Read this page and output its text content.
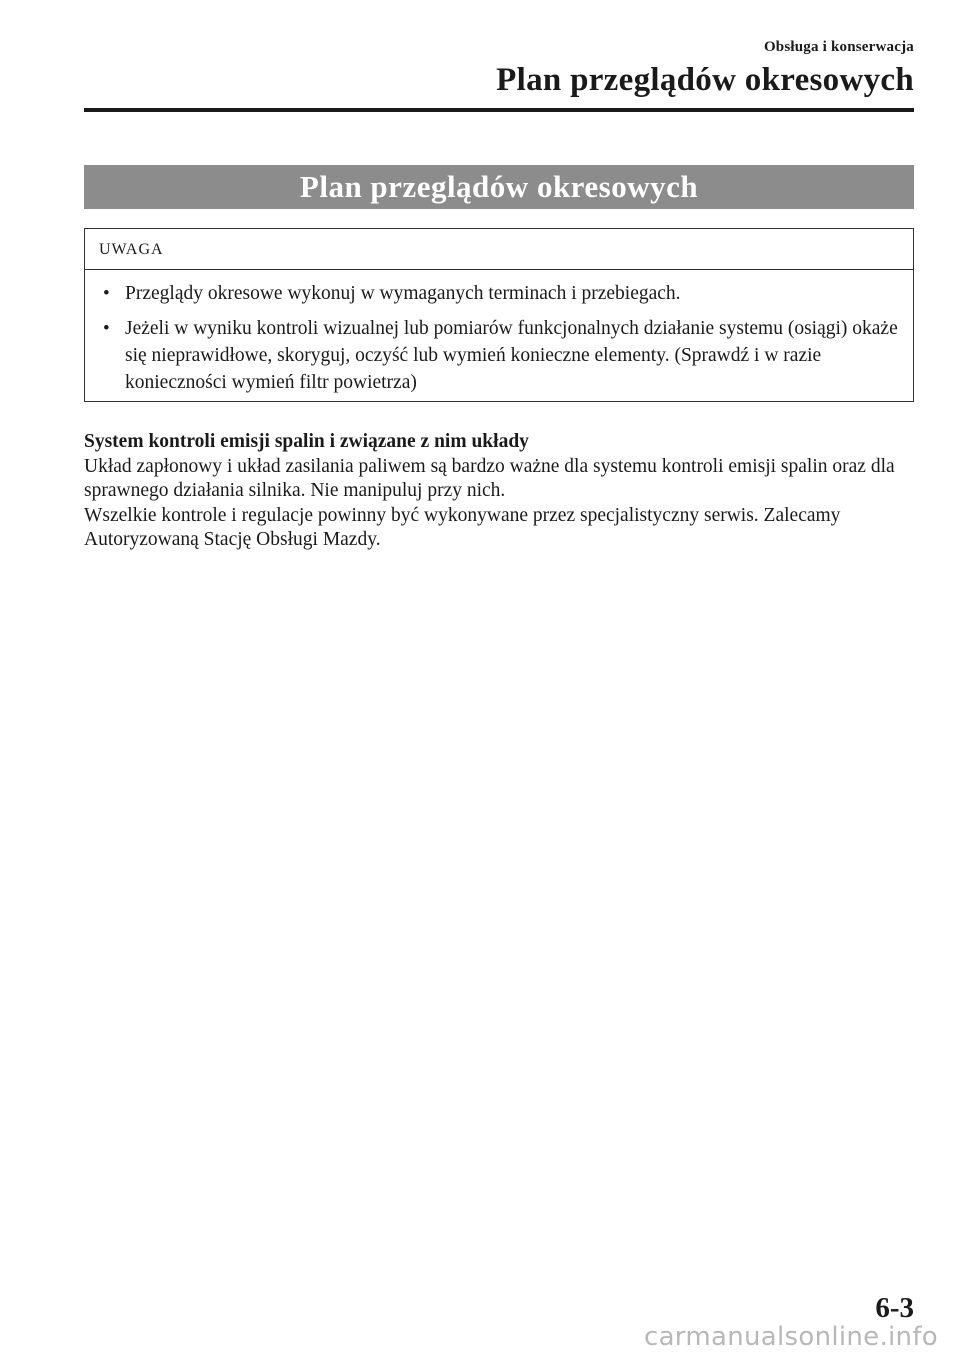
Obsługa i konserwacja
Plan przeglądów okresowych
Plan przeglądów okresowych
UWAGA
• Przeglądy okresowe wykonuj w wymaganych terminach i przebiegach.
• Jeżeli w wyniku kontroli wizualnej lub pomiarów funkcjonalnych działanie systemu (osiągi) okaże się nieprawidłowe, skoryguj, oczyść lub wymień konieczne elementy. (Sprawdź i w razie konieczności wymień filtr powietrza)

System kontroli emisji spalin i związane z nim układy

Układ zapłonowy i układ zasilania paliwem są bardzo ważne dla systemu kontroli emisji spalin oraz dla sprawnego działania silnika. Nie manipuluj przy nich.

Wszelkie kontrole i regulacje powinny być wykonywane przez specjalistyczny serwis. Zalecamy Autoryzowaną Stację Obsługi Mazdy.

6-3
carmanualsonline.info
